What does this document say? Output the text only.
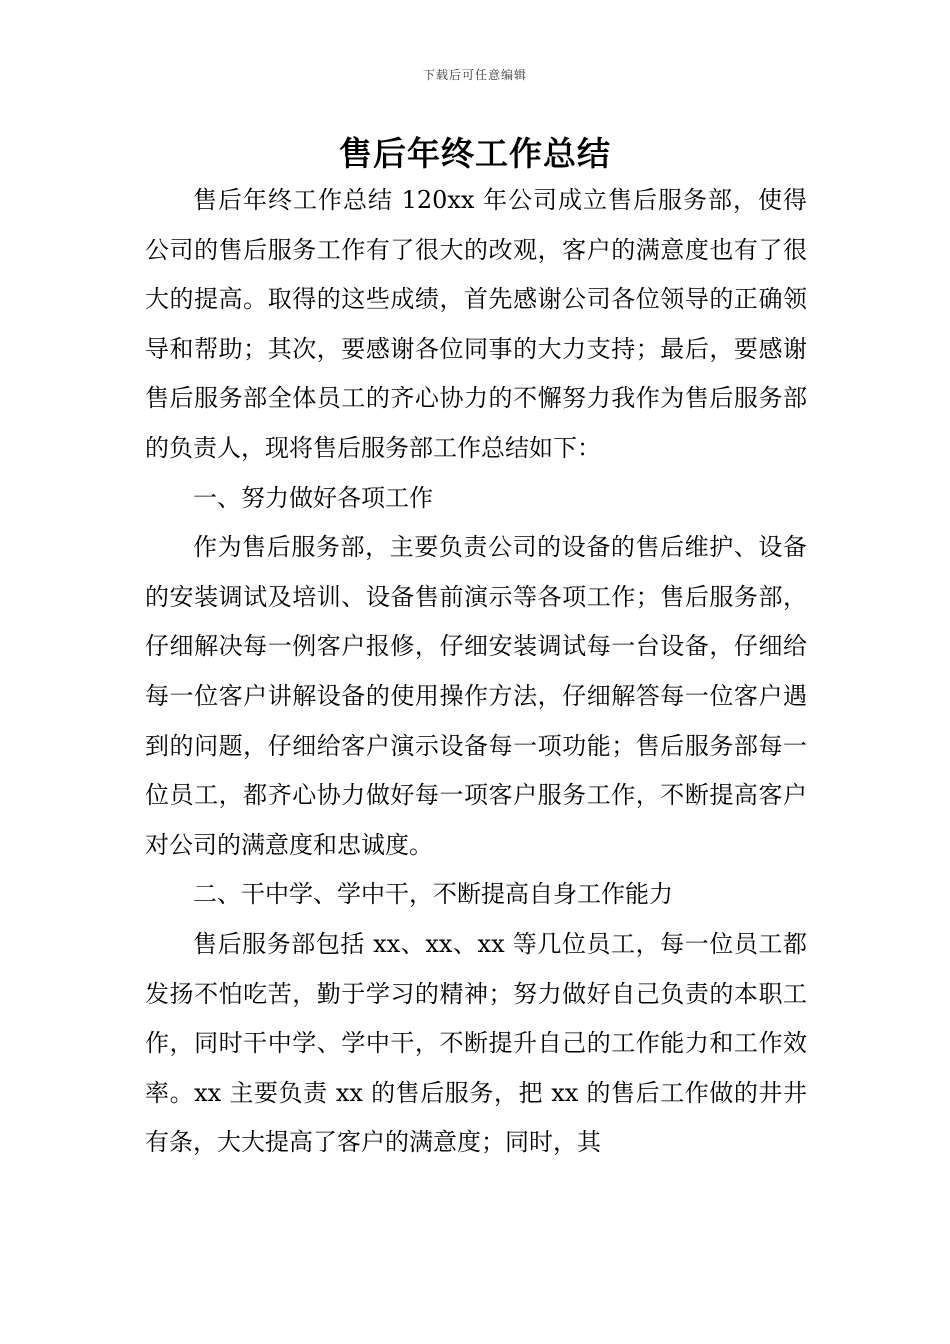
下载后可任意编辑
售后年终工作总结

售后年终工作总结 120xx 年公司成立售后服务部，使得公司的售后服务工作有了很大的改观，客户的满意度也有了很大的提高。取得的这些成绩，首先感谢公司各位领导的正确领导和帮助；其次，要感谢各位同事的大力支持；最后，要感谢售后服务部全体员工的齐心协力的不懈努力我作为售后服务部的负责人，现将售后服务部工作总结如下：

一、努力做好各项工作

作为售后服务部，主要负责公司的设备的售后维护、设备的安装调试及培训、设备售前演示等各项工作；售后服务部，仔细解决每一例客户报修，仔细安装调试每一台设备，仔细给每一位客户讲解设备的使用操作方法，仔细解答每一位客户遇到的问题，仔细给客户演示设备每一项功能；售后服务部每一位员工，都齐心协力做好每一项客户服务工作，不断提高客户对公司的满意度和忠诚度。

二、干中学、学中干，不断提高自身工作能力

售后服务部包括 xx、xx、xx 等几位员工，每一位员工都发扬不怕吃苦，勤于学习的精神；努力做好自己负责的本职工作，同时干中学、学中干，不断提升自己的工作能力和工作效率。xx 主要负责 xx 的售后服务，把 xx 的售后工作做的井井有条，大大提高了客户的满意度；同时，其
